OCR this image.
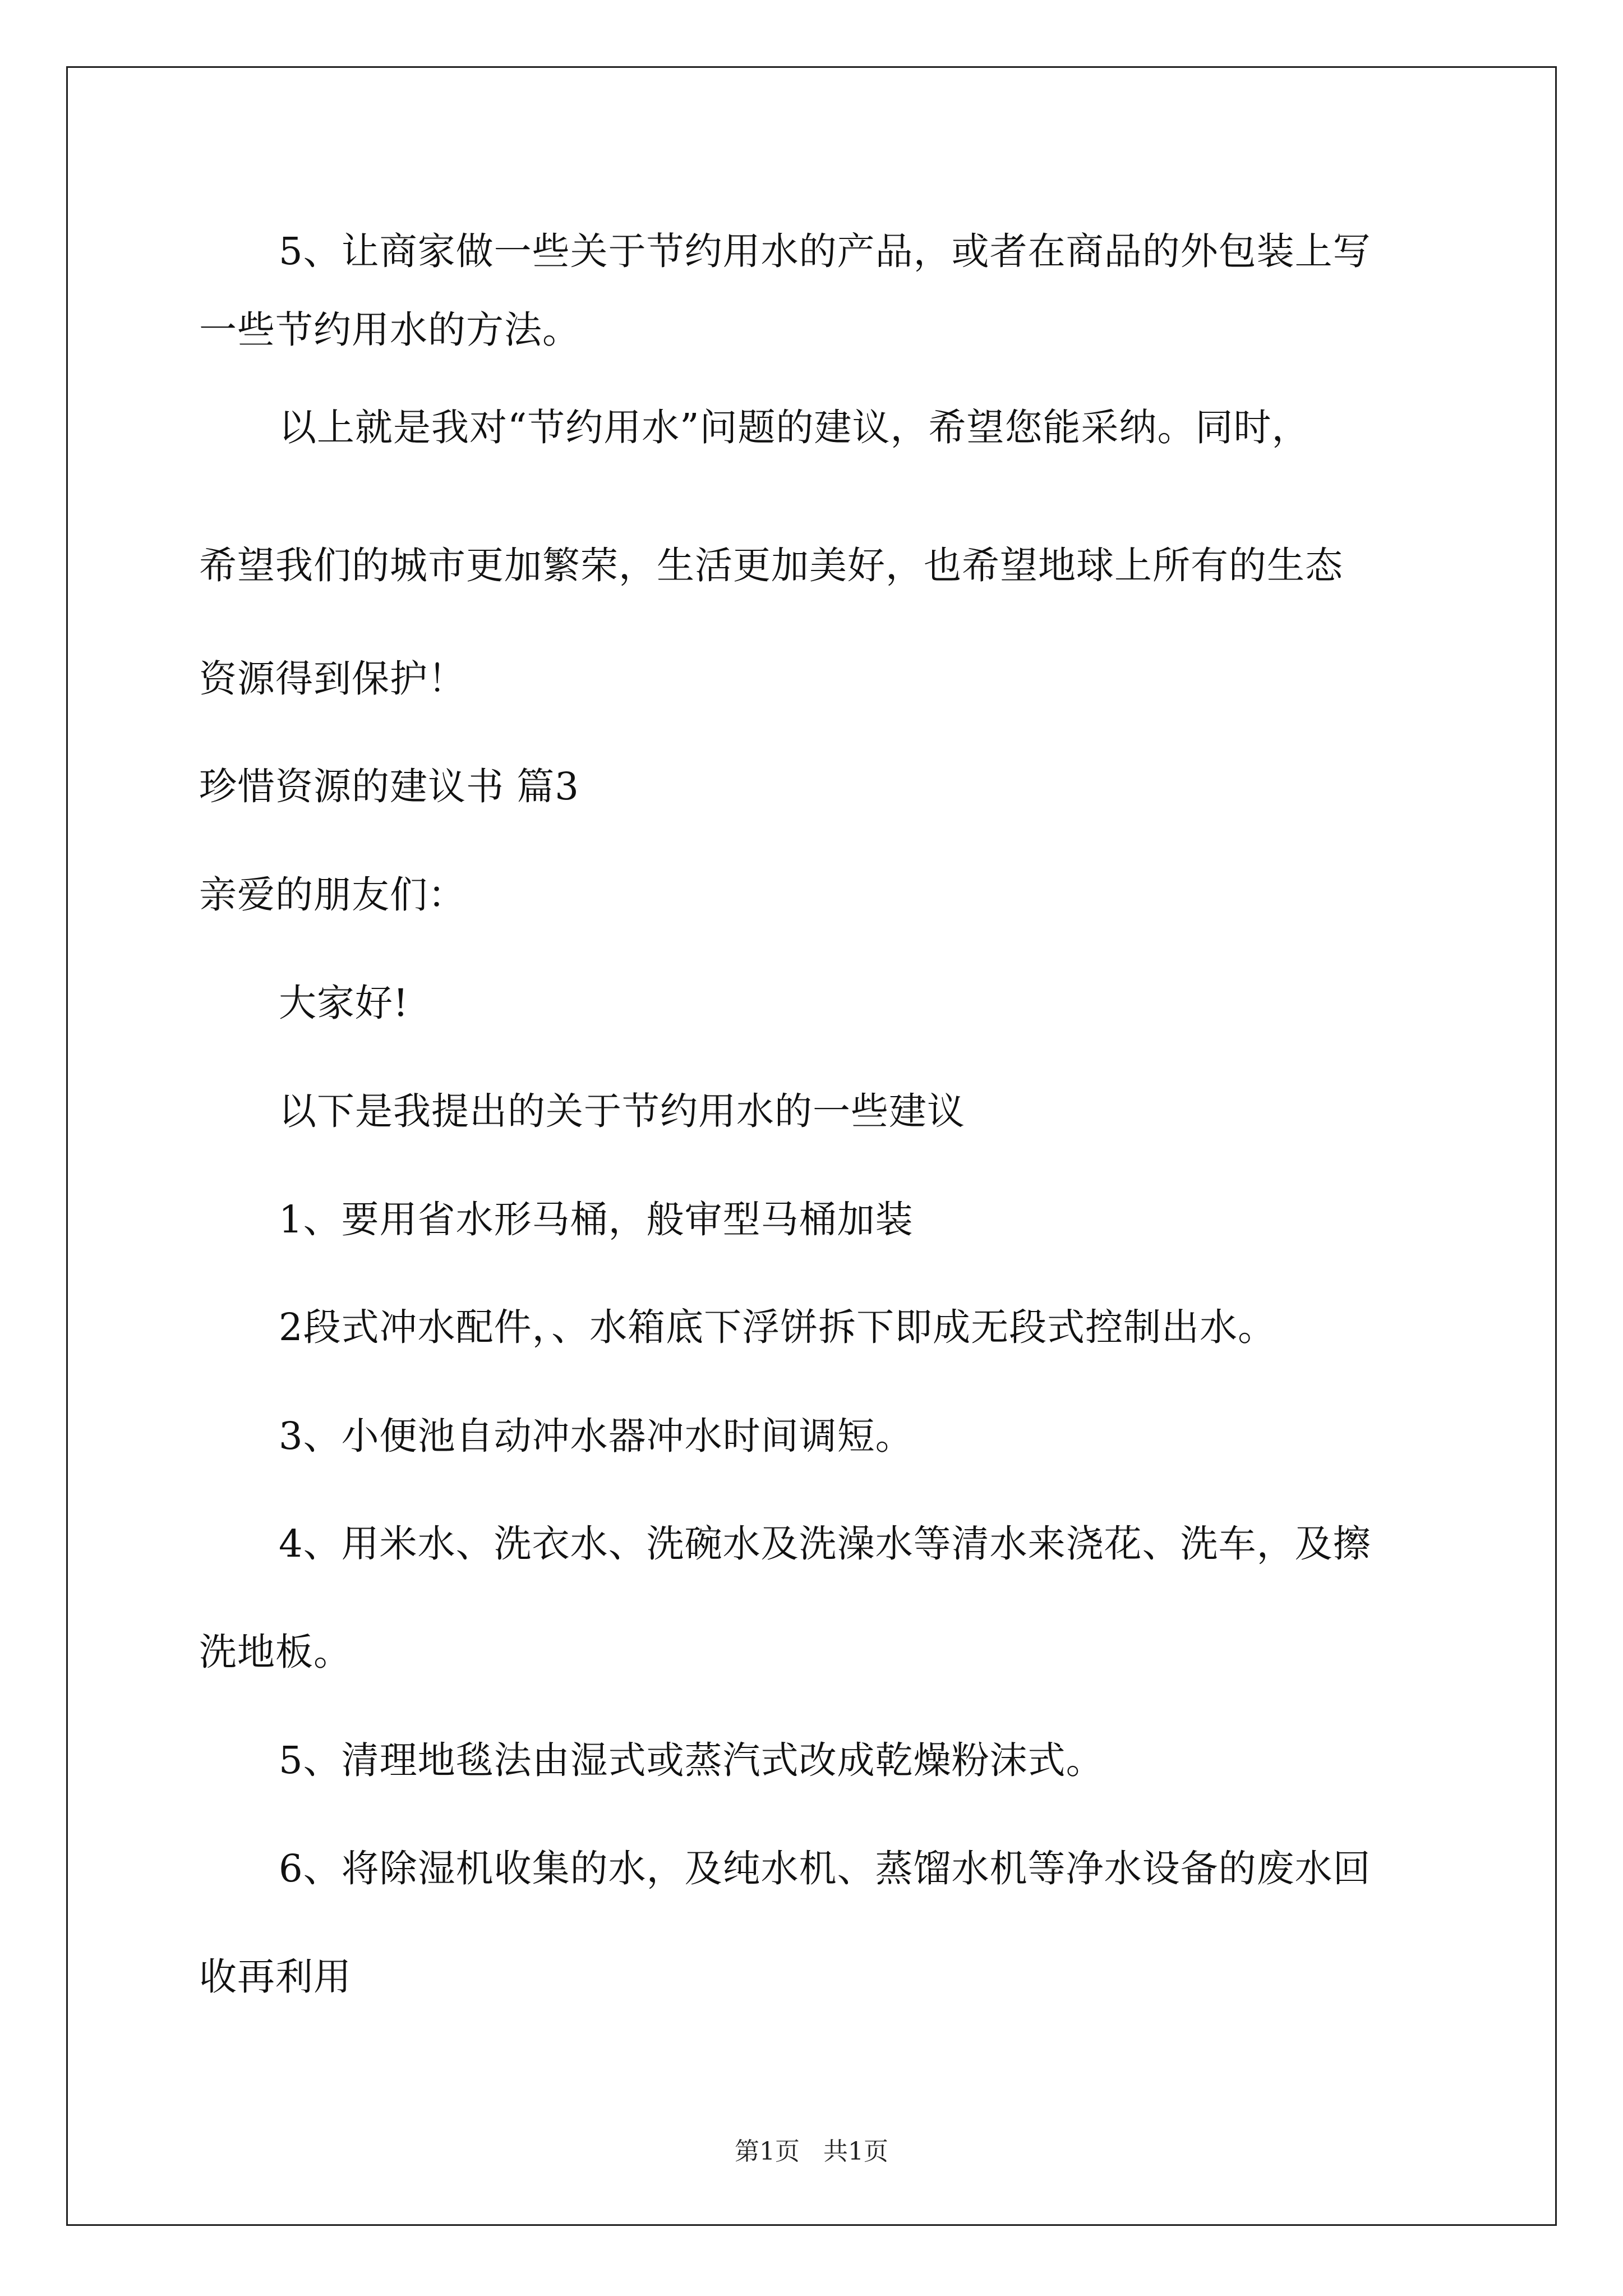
5、让商家做一些关于节约用水的产品，或者在商品的外包装上写
一些节约用水的方法。
以上就是我对“节约用水”问题的建议，希望您能采纳。同时，
希望我们的城市更加繁荣，生活更加美好，也希望地球上所有的生态
资源得到保护！
珍惜资源的建议书 篇3
亲爱的朋友们：
大家好!
以下是我提出的关于节约用水的一些建议
1、要用省水形马桶，般审型马桶加装
2段式冲水配件，、水箱底下浮饼拆下即成无段式控制出水。
3、小便池自动冲水器冲水时间调短。
4、用米水、洗衣水、洗碗水及洗澡水等清水来浇花、洗车，及擦
洗地板。
5、清理地毯法由湿式或蒸汽式改成乾燥粉沫式。
6、将除湿机收集的水，及纯水机、蒸馏水机等净水设备的废水回
收再利用
第1页 共1页
